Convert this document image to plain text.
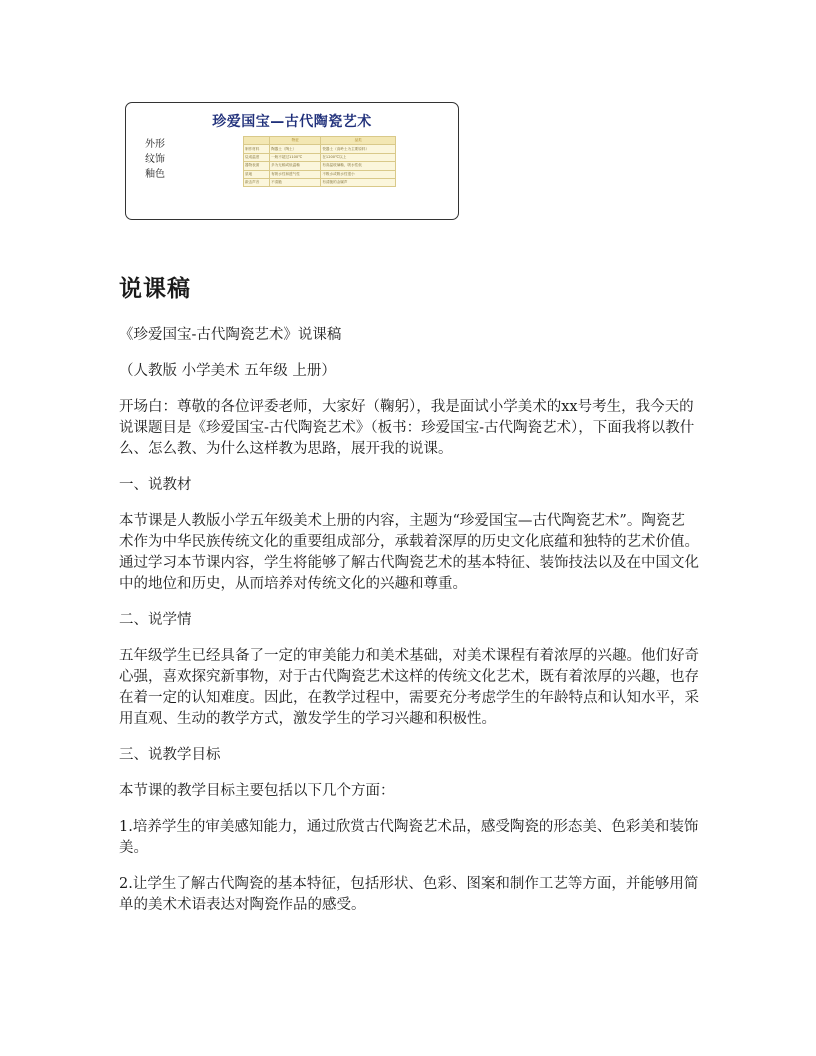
珍爱国宝—古代陶瓷艺术
外形
纹饰
釉色
	特征	品类
制作材料	陶器土（陶土）	瓷器土（高岭土为主要原料）
烧成温度	一般不超过1100℃	在1200℃以上
器物表面	多为无釉或低温釉	有高温玻璃釉，吸水性低
质地	有吸水性和透气性	不吸水或吸水性很小
敲击声音	不清脆	有清脆的金属声
说课稿

《珍爱国宝-古代陶瓷艺术》说课稿

（人教版 小学美术 五年级 上册）

开场白：尊敬的各位评委老师，大家好（鞠躬），我是面试小学美术的xx号考生，我今天的说课题目是《珍爱国宝-古代陶瓷艺术》（板书：珍爱国宝-古代陶瓷艺术），下面我将以教什么、怎么教、为什么这样教为思路，展开我的说课。

一、说教材

本节课是人教版小学五年级美术上册的内容，主题为“珍爱国宝—古代陶瓷艺术”。陶瓷艺术作为中华民族传统文化的重要组成部分，承载着深厚的历史文化底蕴和独特的艺术价值。通过学习本节课内容，学生将能够了解古代陶瓷艺术的基本特征、装饰技法以及在中国文化中的地位和历史，从而培养对传统文化的兴趣和尊重。

二、说学情

五年级学生已经具备了一定的审美能力和美术基础，对美术课程有着浓厚的兴趣。他们好奇心强，喜欢探究新事物，对于古代陶瓷艺术这样的传统文化艺术，既有着浓厚的兴趣，也存在着一定的认知难度。因此，在教学过程中，需要充分考虑学生的年龄特点和认知水平，采用直观、生动的教学方式，激发学生的学习兴趣和积极性。

三、说教学目标

本节课的教学目标主要包括以下几个方面：

1.培养学生的审美感知能力，通过欣赏古代陶瓷艺术品，感受陶瓷的形态美、色彩美和装饰美。

2.让学生了解古代陶瓷的基本特征，包括形状、色彩、图案和制作工艺等方面，并能够用简单的美术术语表达对陶瓷作品的感受。
